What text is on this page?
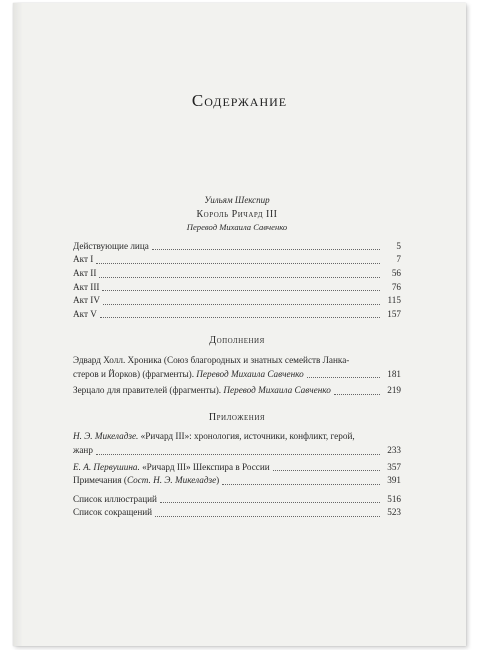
Содержание
Уильям Шекспир
Король Ричард III
Перевод Михаила Савченко
Действующие лица	5
Акт I	7
Акт II	56
Акт III	76
Акт IV	115
Акт V	157
Дополнения
Эдвард Холл. Хроника (Союз благородных и знатных семейств Ланка-
стеров и Йорков) (фрагменты). Перевод Михаила Савченко	181
Зерцало для правителей (фрагменты). Перевод Михаила Савченко	219
Приложения
Н. Э. Микеладзе. «Ричард III»: хронология, источники, конфликт, герой,
жанр	233
Е. А. Первушина. «Ричард III» Шекспира в России	357
Примечания (Сост. Н. Э. Микеладзе)	391
Список иллюстраций	516
Список сокращений	523
